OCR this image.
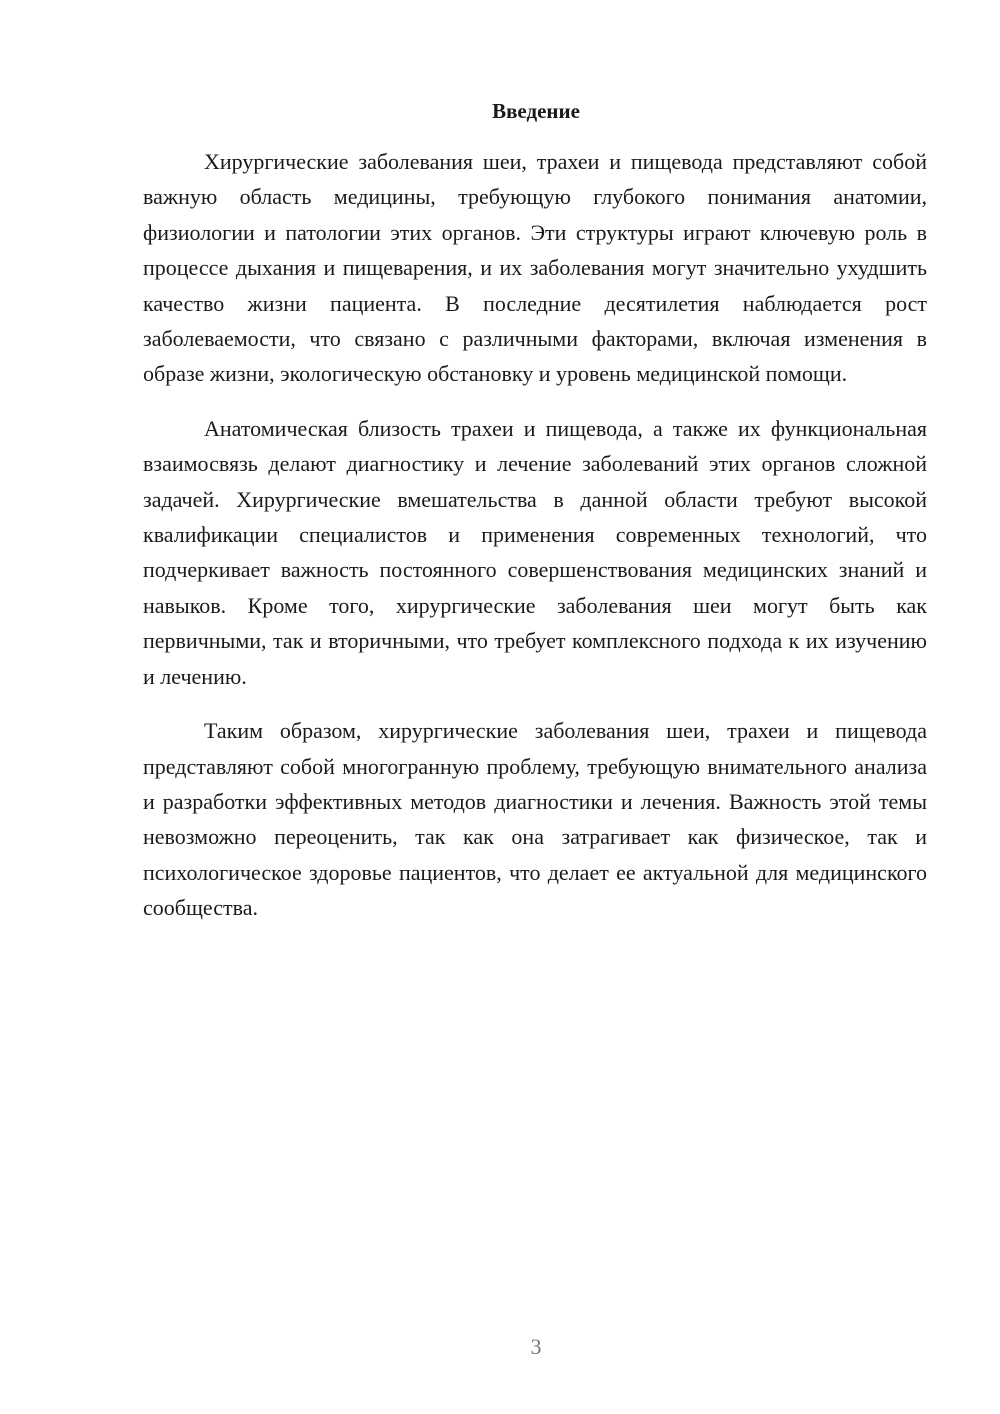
Введение

Хирургические заболевания шеи, трахеи и пищевода представляют собой важную область медицины, требующую глубокого понимания анатомии, физиологии и патологии этих органов. Эти структуры играют ключевую роль в процессе дыхания и пищеварения, и их заболевания могут значительно ухудшить качество жизни пациента. В последние десятилетия наблюдается рост заболеваемости, что связано с различными факторами, включая изменения в образе жизни, экологическую обстановку и уровень медицинской помощи.

Анатомическая близость трахеи и пищевода, а также их функциональная взаимосвязь делают диагностику и лечение заболеваний этих органов сложной задачей. Хирургические вмешательства в данной области требуют высокой квалификации специалистов и применения современных технологий, что подчеркивает важность постоянного совершенствования медицинских знаний и навыков. Кроме того, хирургические заболевания шеи могут быть как первичными, так и вторичными, что требует комплексного подхода к их изучению и лечению.

Таким образом, хирургические заболевания шеи, трахеи и пищевода представляют собой многогранную проблему, требующую внимательного анализа и разработки эффективных методов диагностики и лечения. Важность этой темы невозможно переоценить, так как она затрагивает как физическое, так и психологическое здоровье пациентов, что делает ее актуальной для медицинского сообщества.

3
